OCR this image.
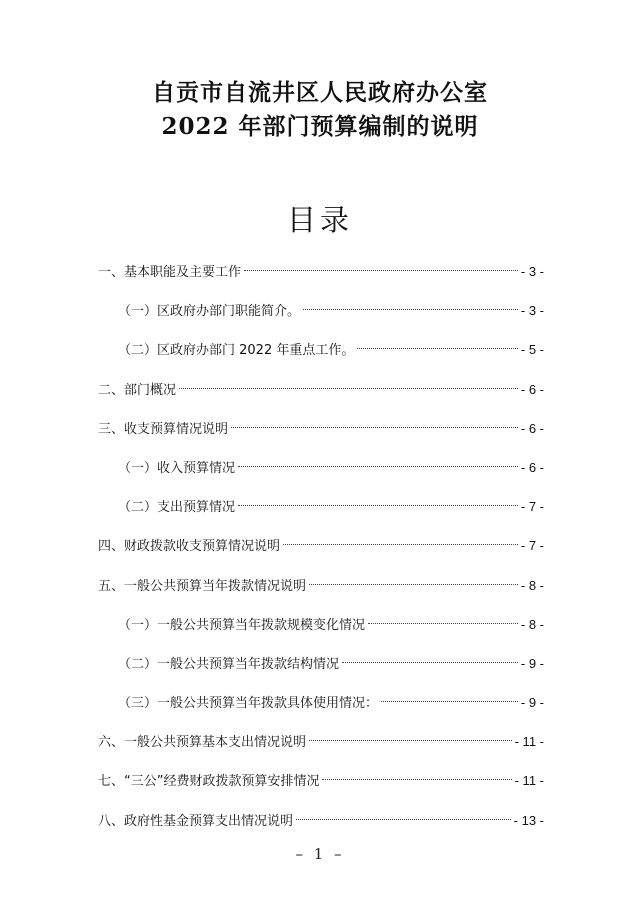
自贡市自流井区人民政府办公室
2022 年部门预算编制的说明
目录
一、基本职能及主要工作	- 3 -
（一）区政府办部门职能简介。	- 3 -
（二）区政府办部门 2022 年重点工作。	- 5 -
二、部门概况	- 6 -
三、收支预算情况说明	- 6 -
（一）收入预算情况	- 6 -
（二）支出预算情况	- 7 -
四、财政拨款收支预算情况说明	- 7 -
五、一般公共预算当年拨款情况说明	- 8 -
（一）一般公共预算当年拨款规模变化情况	- 8 -
（二）一般公共预算当年拨款结构情况	- 9 -
（三）一般公共预算当年拨款具体使用情况：	- 9 -
六、一般公共预算基本支出情况说明	- 11 -
七、“三公”经费财政拨款预算安排情况	- 11 -
八、政府性基金预算支出情况说明	- 13 -
– 1 –
